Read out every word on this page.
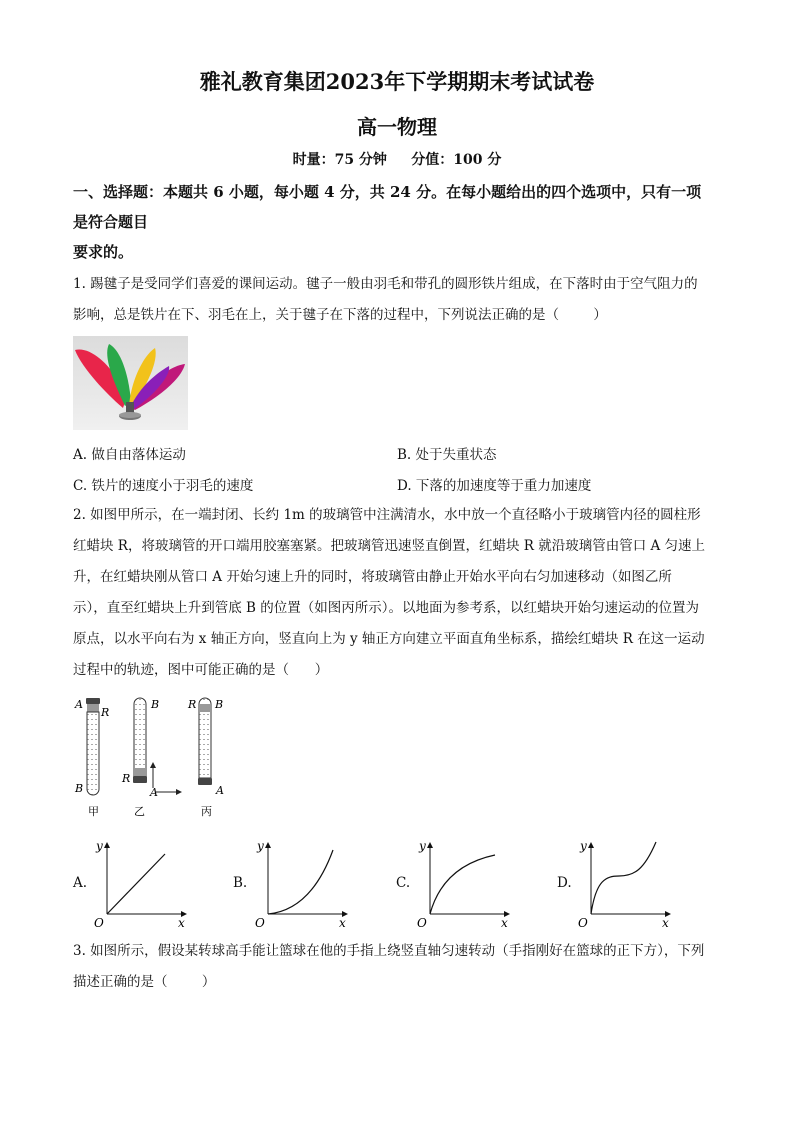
雅礼教育集团2023年下学期期末考试试卷
高一物理
时量：75 分钟     分值：100 分
一、选择题：本题共 6 小题，每小题 4 分，共 24 分。在每小题给出的四个选项中，只有一项
是符合题目
要求的。
1. 踢毽子是受同学们喜爱的课间运动。毽子一般由羽毛和带孔的圆形铁片组成，在下落时由于空气阻力的
影响，总是铁片在下、羽毛在上，关于毽子在下落的过程中，下列说法正确的是（        ）
A. 做自由落体运动	B. 处于失重状态
C. 铁片的速度小于羽毛的速度	D. 下落的加速度等于重力加速度
2. 如图甲所示，在一端封闭、长约 1m 的玻璃管中注满清水，水中放一个直径略小于玻璃管内径的圆柱形
红蜡块 R，将玻璃管的开口端用胶塞塞紧。把玻璃管迅速竖直倒置，红蜡块 R 就沿玻璃管由管口 A 匀速上
升，在红蜡块刚从管口 A 开始匀速上升的同时，将玻璃管由静止开始水平向右匀加速移动（如图乙所
示），直至红蜡块上升到管底 B 的位置（如图丙所示）。以地面为参考系，以红蜡块开始匀速运动的位置为
原点，以水平向右为 x 轴正方向，竖直向上为 y 轴正方向建立平面直角坐标系，描绘红蜡块 R 在这一运动
过程中的轨迹，图中可能正确的是（      ）
A
R
B
甲
B
R
A
乙
R B
A
丙
A.	B.	C.	D.
y
x
O
y
x
O
y
x
O
y
x
O
3. 如图所示，假设某转球高手能让篮球在他的手指上绕竖直轴匀速转动（手指刚好在篮球的正下方），下列
描述正确的是（        ）
